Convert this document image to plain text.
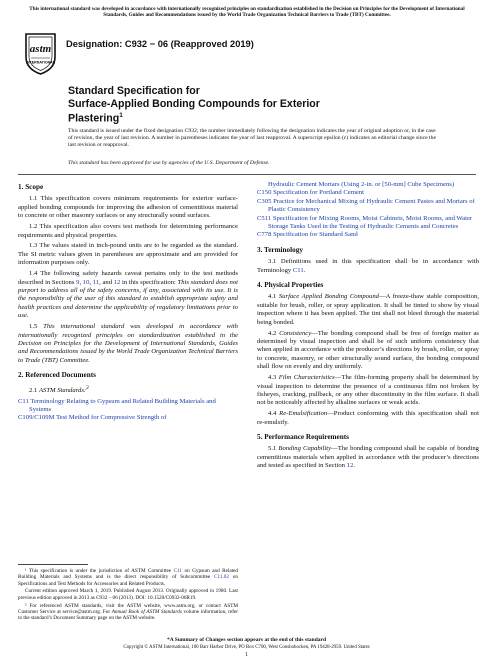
This international standard was developed in accordance with internationally recognized principles on standardization established in the Decision on Principles for the Development of International Standards, Guides and Recommendations issued by the World Trade Organization Technical Barriers to Trade (TBT) Committee.
astm
INTERNATIONAL
Designation: C932 − 06 (Reapproved 2019)
Standard Specification for
Surface-Applied Bonding Compounds for Exterior
Plastering$^1$
This standard is issued under the fixed designation C932; the number immediately following the designation indicates the year of original adoption or, in the case of revision, the year of last revision. A number in parentheses indicates the year of last reapproval. A superscript epsilon (ε) indicates an editorial change since the last revision or reapproval.
This standard has been approved for use by agencies of the U.S. Department of Defense.
1. Scope

1.1 This specification covers minimum requirements for exterior surface-applied bonding compounds for improving the adhesion of cementitious material to concrete or other masonry surfaces or any structurally sound surfaces.

1.2 This specification also covers test methods for determining performance requirements and physical properties.

1.3 The values stated in inch-pound units are to be regarded as the standard. The SI metric values given in parentheses are approximate and are provided for information purposes only.

1.4 The following safety hazards caveat pertains only to the test methods described in Sections 9, 10, 11, and 12 in this specification: This standard does not purport to address all of the safety concerns, if any, associated with its use. It is the responsibility of the user of this standard to establish appropriate safety and health practices and determine the applicability of regulatory limitations prior to use.

1.5 This international standard was developed in accordance with internationally recognized principles on standardization established in the Decision on Principles for the Development of International Standards, Guides and Recommendations issued by the World Trade Organization Technical Barriers to Trade (TBT) Committee.

2. Referenced Documents

2.1 ASTM Standards:$^2$

C11 Terminology Relating to Gypsum and Related Building Materials and Systems

C109/C109M Test Method for Compressive Strength of

Hydraulic Cement Mortars (Using 2-in. or [50-mm] Cube Specimens)

C150 Specification for Portland Cement

C305 Practice for Mechanical Mixing of Hydraulic Cement Pastes and Mortars of Plastic Consistency

C511 Specification for Mixing Rooms, Moist Cabinets, Moist Rooms, and Water Storage Tanks Used in the Testing of Hydraulic Cements and Concretes

C778 Specification for Standard Sand

3. Terminology

3.1 Definitions used in this specification shall be in accordance with Terminology C11.

4. Physical Properties

4.1 Surface Applied Bonding Compound—A freeze-thaw stable composition, suitable for brush, roller, or spray application. It shall be tinted to show by visual inspection where it has been applied. The tint shall not bleed through the material being bonded.

4.2 Consistency—The bonding compound shall be free of foreign matter as determined by visual inspection and shall be of such uniform consistency that when applied in accordance with the producer’s directions by brush, roller, or spray to concrete, masonry, or other structurally sound surface, the bonding compound shall flow on evenly and dry uniformly.

4.3 Film Characteristics—The film-forming property shall be determined by visual inspection to determine the presence of a continuous film not broken by fisheyes, cracking, pullback, or any other discontinuity in the film surface. It shall not be noticeably affected by alkaline surfaces or weak acids.

4.4 Re-Emulsification—Product conforming with this specification shall not re-emulsify.

5. Performance Requirements

5.1 Bonding Capability—The bonding compound shall be capable of bonding cementitious materials when applied in accordance with the producer’s directions and tested as specified in Section 12.

¹ This specification is under the jurisdiction of ASTM Committee C11 on Gypsum and Related Building Materials and Systems and is the direct responsibility of Subcommittee C11.02 on Specifications and Test Methods for Accessories and Related Products.

Current edition approved March 1, 2019. Published August 2013. Originally approved in 1980. Last previous edition approved in 2013 as C932 – 06 (2013). DOI: 10.1520/C0932-06R19.

² For referenced ASTM standards, visit the ASTM website, www.astm.org, or contact ASTM Customer Service at service@astm.org. For Annual Book of ASTM Standards volume information, refer to the standard’s Document Summary page on the ASTM website.

*A Summary of Changes section appears at the end of this standard
Copyright © ASTM International, 100 Barr Harbor Drive, PO Box C700, West Conshohocken, PA 19428-2959. United States
1
